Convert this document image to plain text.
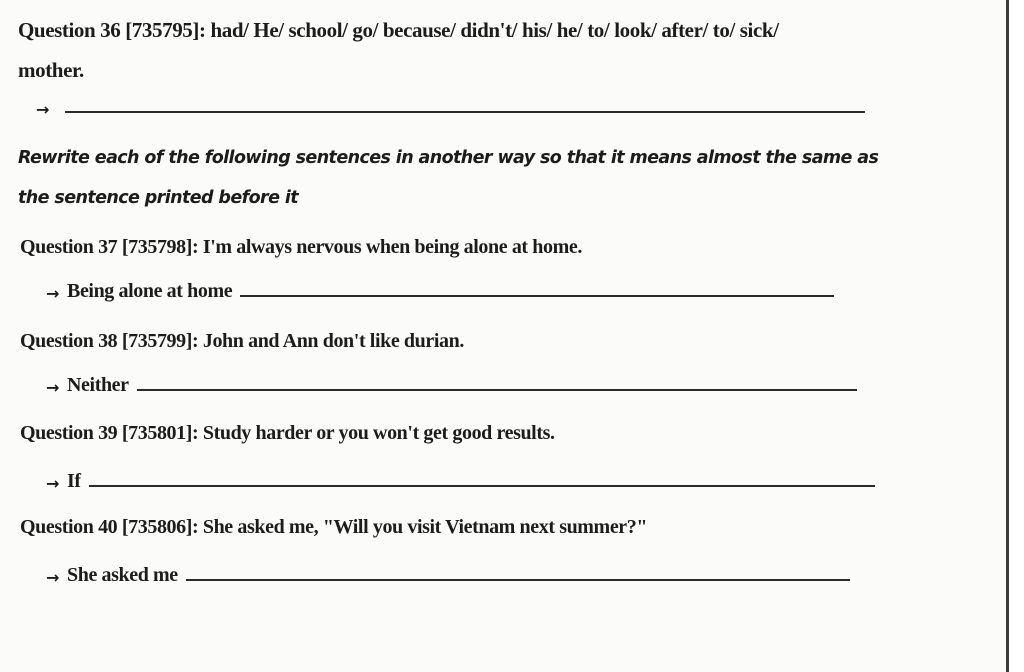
Question 36 [735795]: had/ He/ school/ go/ because/ didn't/ his/ he/ to/ look/ after/ to/ sick/
mother.
→
Rewrite each of the following sentences in another way so that it means almost the same as
the sentence printed before it
Question 37 [735798]: I'm always nervous when being alone at home.
→ Being alone at home
Question 38 [735799]: John and Ann don't like durian.
→ Neither
Question 39 [735801]: Study harder or you won't get good results.
→ If
Question 40 [735806]: She asked me, "Will you visit Vietnam next summer?"
→ She asked me
